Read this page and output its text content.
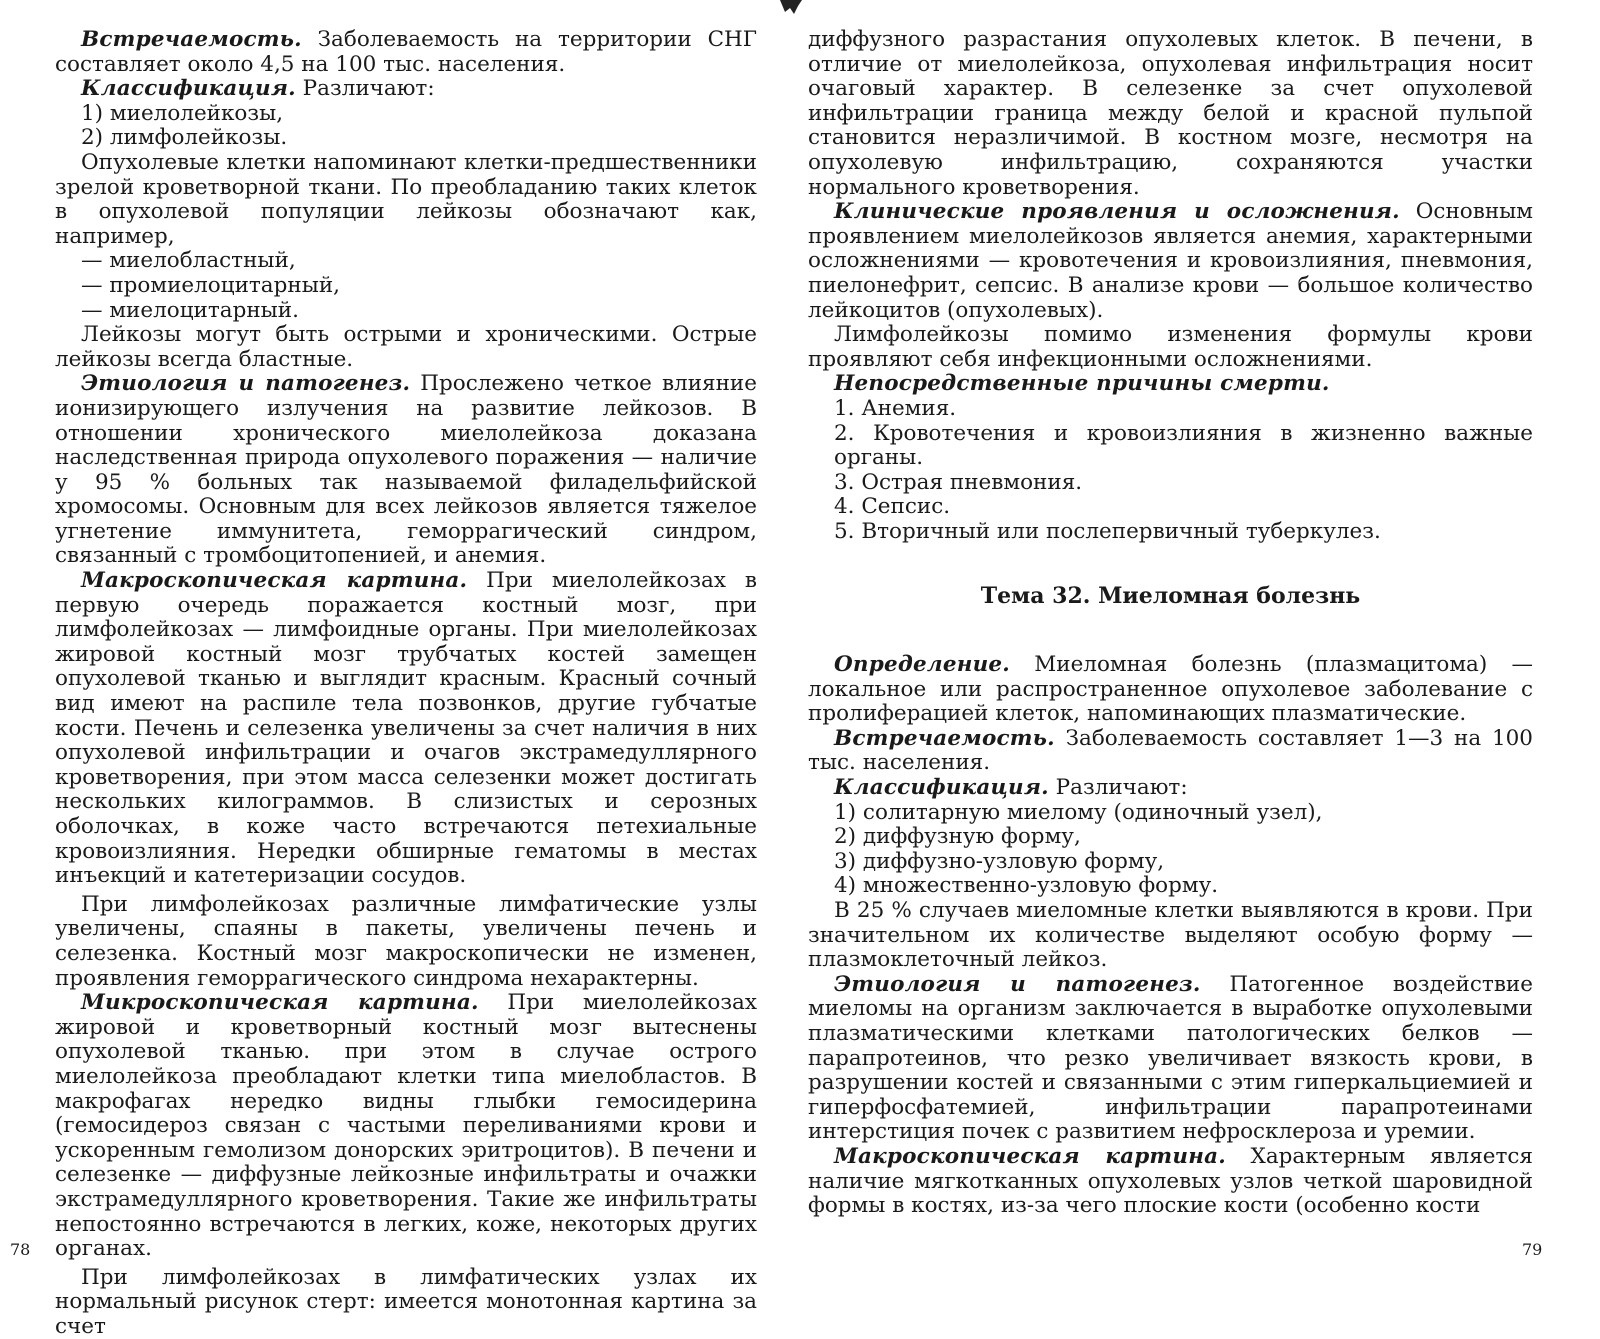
Встречаемость. Заболеваемость на территории СНГ составляет около 4,5 на 100 тыс. населения.

Классификация. Различают:

1) миелолейкозы,

2) лимфолейкозы.

Опухолевые клетки напоминают клетки-предшественники зрелой кроветворной ткани. По преобладанию таких клеток в опухолевой популяции лейкозы обозначают как, например,

— миелобластный,

— промиелоцитарный,

— миелоцитарный.

Лейкозы могут быть острыми и хроническими. Острые лейкозы всегда бластные.

Этиология и патогенез. Прослежено четкое влияние ионизирующего излучения на развитие лейкозов. В отношении хронического миелолейкоза доказана наследственная природа опухолевого поражения — наличие у 95 % больных так называемой филадельфийской хромосомы. Основным для всех лейкозов является тяжелое угнетение иммунитета, геморрагический синдром, связанный с тромбоцитопенией, и анемия.

Макроскопическая картина. При миелолейкозах в первую очередь поражается костный мозг, при лимфолейкозах — лимфоидные органы. При миелолейкозах жировой костный мозг трубчатых костей замещен опухолевой тканью и выглядит красным. Красный сочный вид имеют на распиле тела позвонков, другие губчатые кости. Печень и селезенка увеличены за счет наличия в них опухолевой инфильтрации и очагов экстрамедуллярного кроветворения, при этом масса селезенки может достигать нескольких килограммов. В слизистых и серозных оболочках, в коже часто встречаются петехиальные кровоизлияния. Нередки обширные гематомы в местах инъекций и катетеризации сосудов.

При лимфолейкозах различные лимфатические узлы увеличены, спаяны в пакеты, увеличены печень и селезенка. Костный мозг макроскопически не изменен, проявления геморрагического синдрома нехарактерны.

Микроскопическая картина. При миелолейкозах жировой и кроветворный костный мозг вытеснены опухолевой тканью. при этом в случае острого миелолейкоза преобладают клетки типа миелобластов. В макрофагах нередко видны глыбки гемосидерина (гемосидероз связан с частыми переливаниями крови и ускоренным гемолизом донорских эритроцитов). В печени и селезенке — диффузные лейкозные инфильтраты и очажки экстрамедуллярного кроветворения. Такие же инфильтраты непостоянно встречаются в легких, коже, некоторых других органах.

При лимфолейкозах в лимфатических узлах их нормальный рисунок стерт: имеется монотонная картина за счет

78

диффузного разрастания опухолевых клеток. В печени, в отличие от миелолейкоза, опухолевая инфильтрация носит очаговый характер. В селезенке за счет опухолевой инфильтрации граница между белой и красной пульпой становится неразличимой. В костном мозге, несмотря на опухолевую инфильтрацию, сохраняются участки нормального кроветворения.

Клинические проявления и осложнения. Основным проявлением миелолейкозов является анемия, характерными осложнениями — кровотечения и кровоизлияния, пневмония, пиелонефрит, сепсис. В анализе крови — большое количество лейкоцитов (опухолевых).

Лимфолейкозы помимо изменения формулы крови проявляют себя инфекционными осложнениями.

Непосредственные причины смерти.

1. Анемия.

2. Кровотечения и кровоизлияния в жизненно важные органы.

3. Острая пневмония.

4. Сепсис.

5. Вторичный или послепервичный туберкулез.

Тема 32. Миеломная болезнь

Определение. Миеломная болезнь (плазмацитома) — локальное или распространенное опухолевое заболевание с пролиферацией клеток, напоминающих плазматические.

Встречаемость. Заболеваемость составляет 1—3 на 100 тыс. населения.

Классификация. Различают:

1) солитарную миелому (одиночный узел),

2) диффузную форму,

3) диффузно-узловую форму,

4) множественно-узловую форму.

В 25 % случаев миеломные клетки выявляются в крови. При значительном их количестве выделяют особую форму — плазмоклеточный лейкоз.

Этиология и патогенез. Патогенное воздействие миеломы на организм заключается в выработке опухолевыми плазматическими клетками патологических белков — парапротеинов, что резко увеличивает вязкость крови, в разрушении костей и связанными с этим гиперкальциемией и гиперфосфатемией, инфильтрации парапротеинами интерстиция почек с развитием нефросклероза и уремии.

Макроскопическая картина. Характерным является наличие мягкотканных опухолевых узлов четкой шаровидной формы в костях, из-за чего плоские кости (особенно кости

79
